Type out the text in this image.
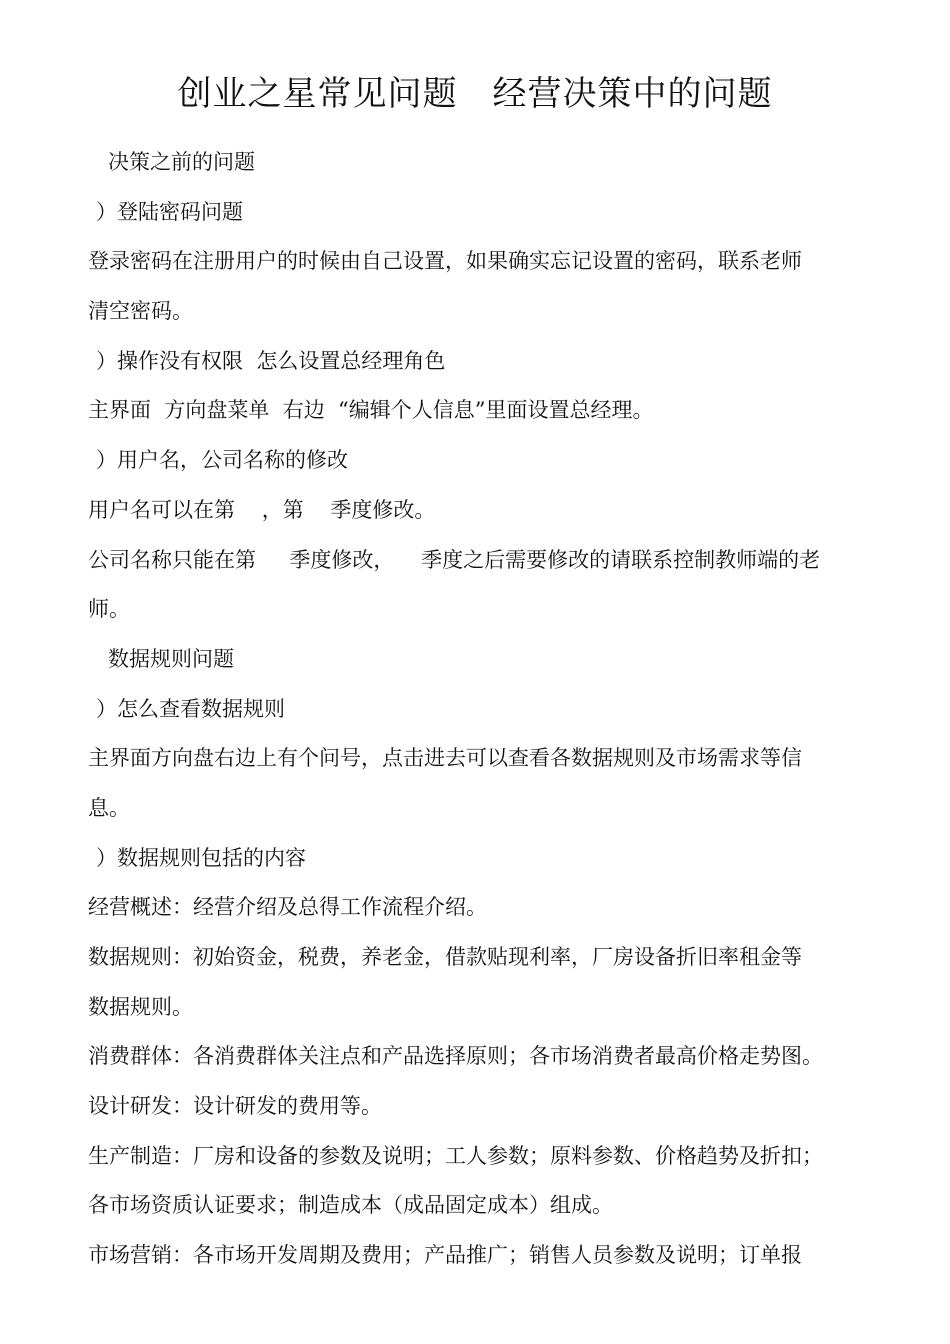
创业之星常见问题　经营决策中的问题
决策之前的问题
）登陆密码问题
登录密码在注册用户的时候由自己设置，如果确实忘记设置的密码，联系老师
清空密码。
）操作没有权限  怎么设置总经理角色
主界面  方向盘菜单  右边  “编辑个人信息”里面设置总经理。
）用户名，公司名称的修改
用户名可以在第    ，第    季度修改。
公司名称只能在第     季度修改，    季度之后需要修改的请联系控制教师端的老
师。
数据规则问题
）怎么查看数据规则
主界面方向盘右边上有个问号，点击进去可以查看各数据规则及市场需求等信
息。
）数据规则包括的内容
经营概述：经营介绍及总得工作流程介绍。
数据规则：初始资金，税费，养老金，借款贴现利率，厂房设备折旧率租金等
数据规则。
消费群体：各消费群体关注点和产品选择原则；各市场消费者最高价格走势图。
设计研发：设计研发的费用等。
生产制造：厂房和设备的参数及说明；工人参数；原料参数、价格趋势及折扣；
各市场资质认证要求；制造成本（成品固定成本）组成。
市场营销：各市场开发周期及费用；产品推广；销售人员参数及说明；订单报
